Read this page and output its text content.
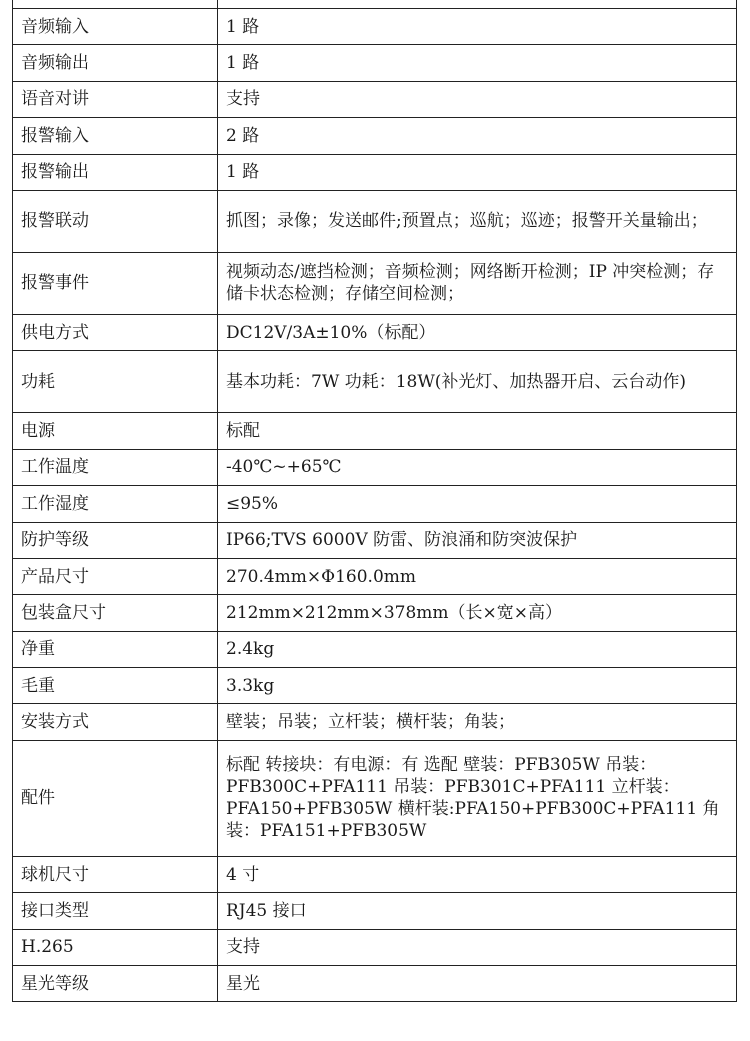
音频输入	1 路
音频输出	1 路
语音对讲	支持
报警输入	2 路
报警输出	1 路
报警联动	抓图；录像；发送邮件;预置点；巡航；巡迹；报警开关量输出；
报警事件	视频动态/遮挡检测；音频检测；网络断开检测；IP 冲突检测；存储卡状态检测；存储空间检测；
供电方式	DC12V/3A±10%（标配）
功耗	基本功耗：7W 功耗：18W(补光灯、加热器开启、云台动作)
电源	标配
工作温度	-40℃~+65℃
工作湿度	≤95%
防护等级	IP66;TVS 6000V 防雷、防浪涌和防突波保护
产品尺寸	270.4mm×Φ160.0mm
包装盒尺寸	212mm×212mm×378mm（长×宽×高）
净重	2.4kg
毛重	3.3kg
安装方式	壁装；吊装；立杆装；横杆装；角装；
配件	标配 转接块：有电源：有 选配 壁装：PFB305W 吊装：PFB300C+PFA111 吊装：PFB301C+PFA111 立杆装：PFA150+PFB305W 横杆装:PFA150+PFB300C+PFA111 角装：PFA151+PFB305W
球机尺寸	4 寸
接口类型	RJ45 接口
H.265	支持
星光等级	星光
